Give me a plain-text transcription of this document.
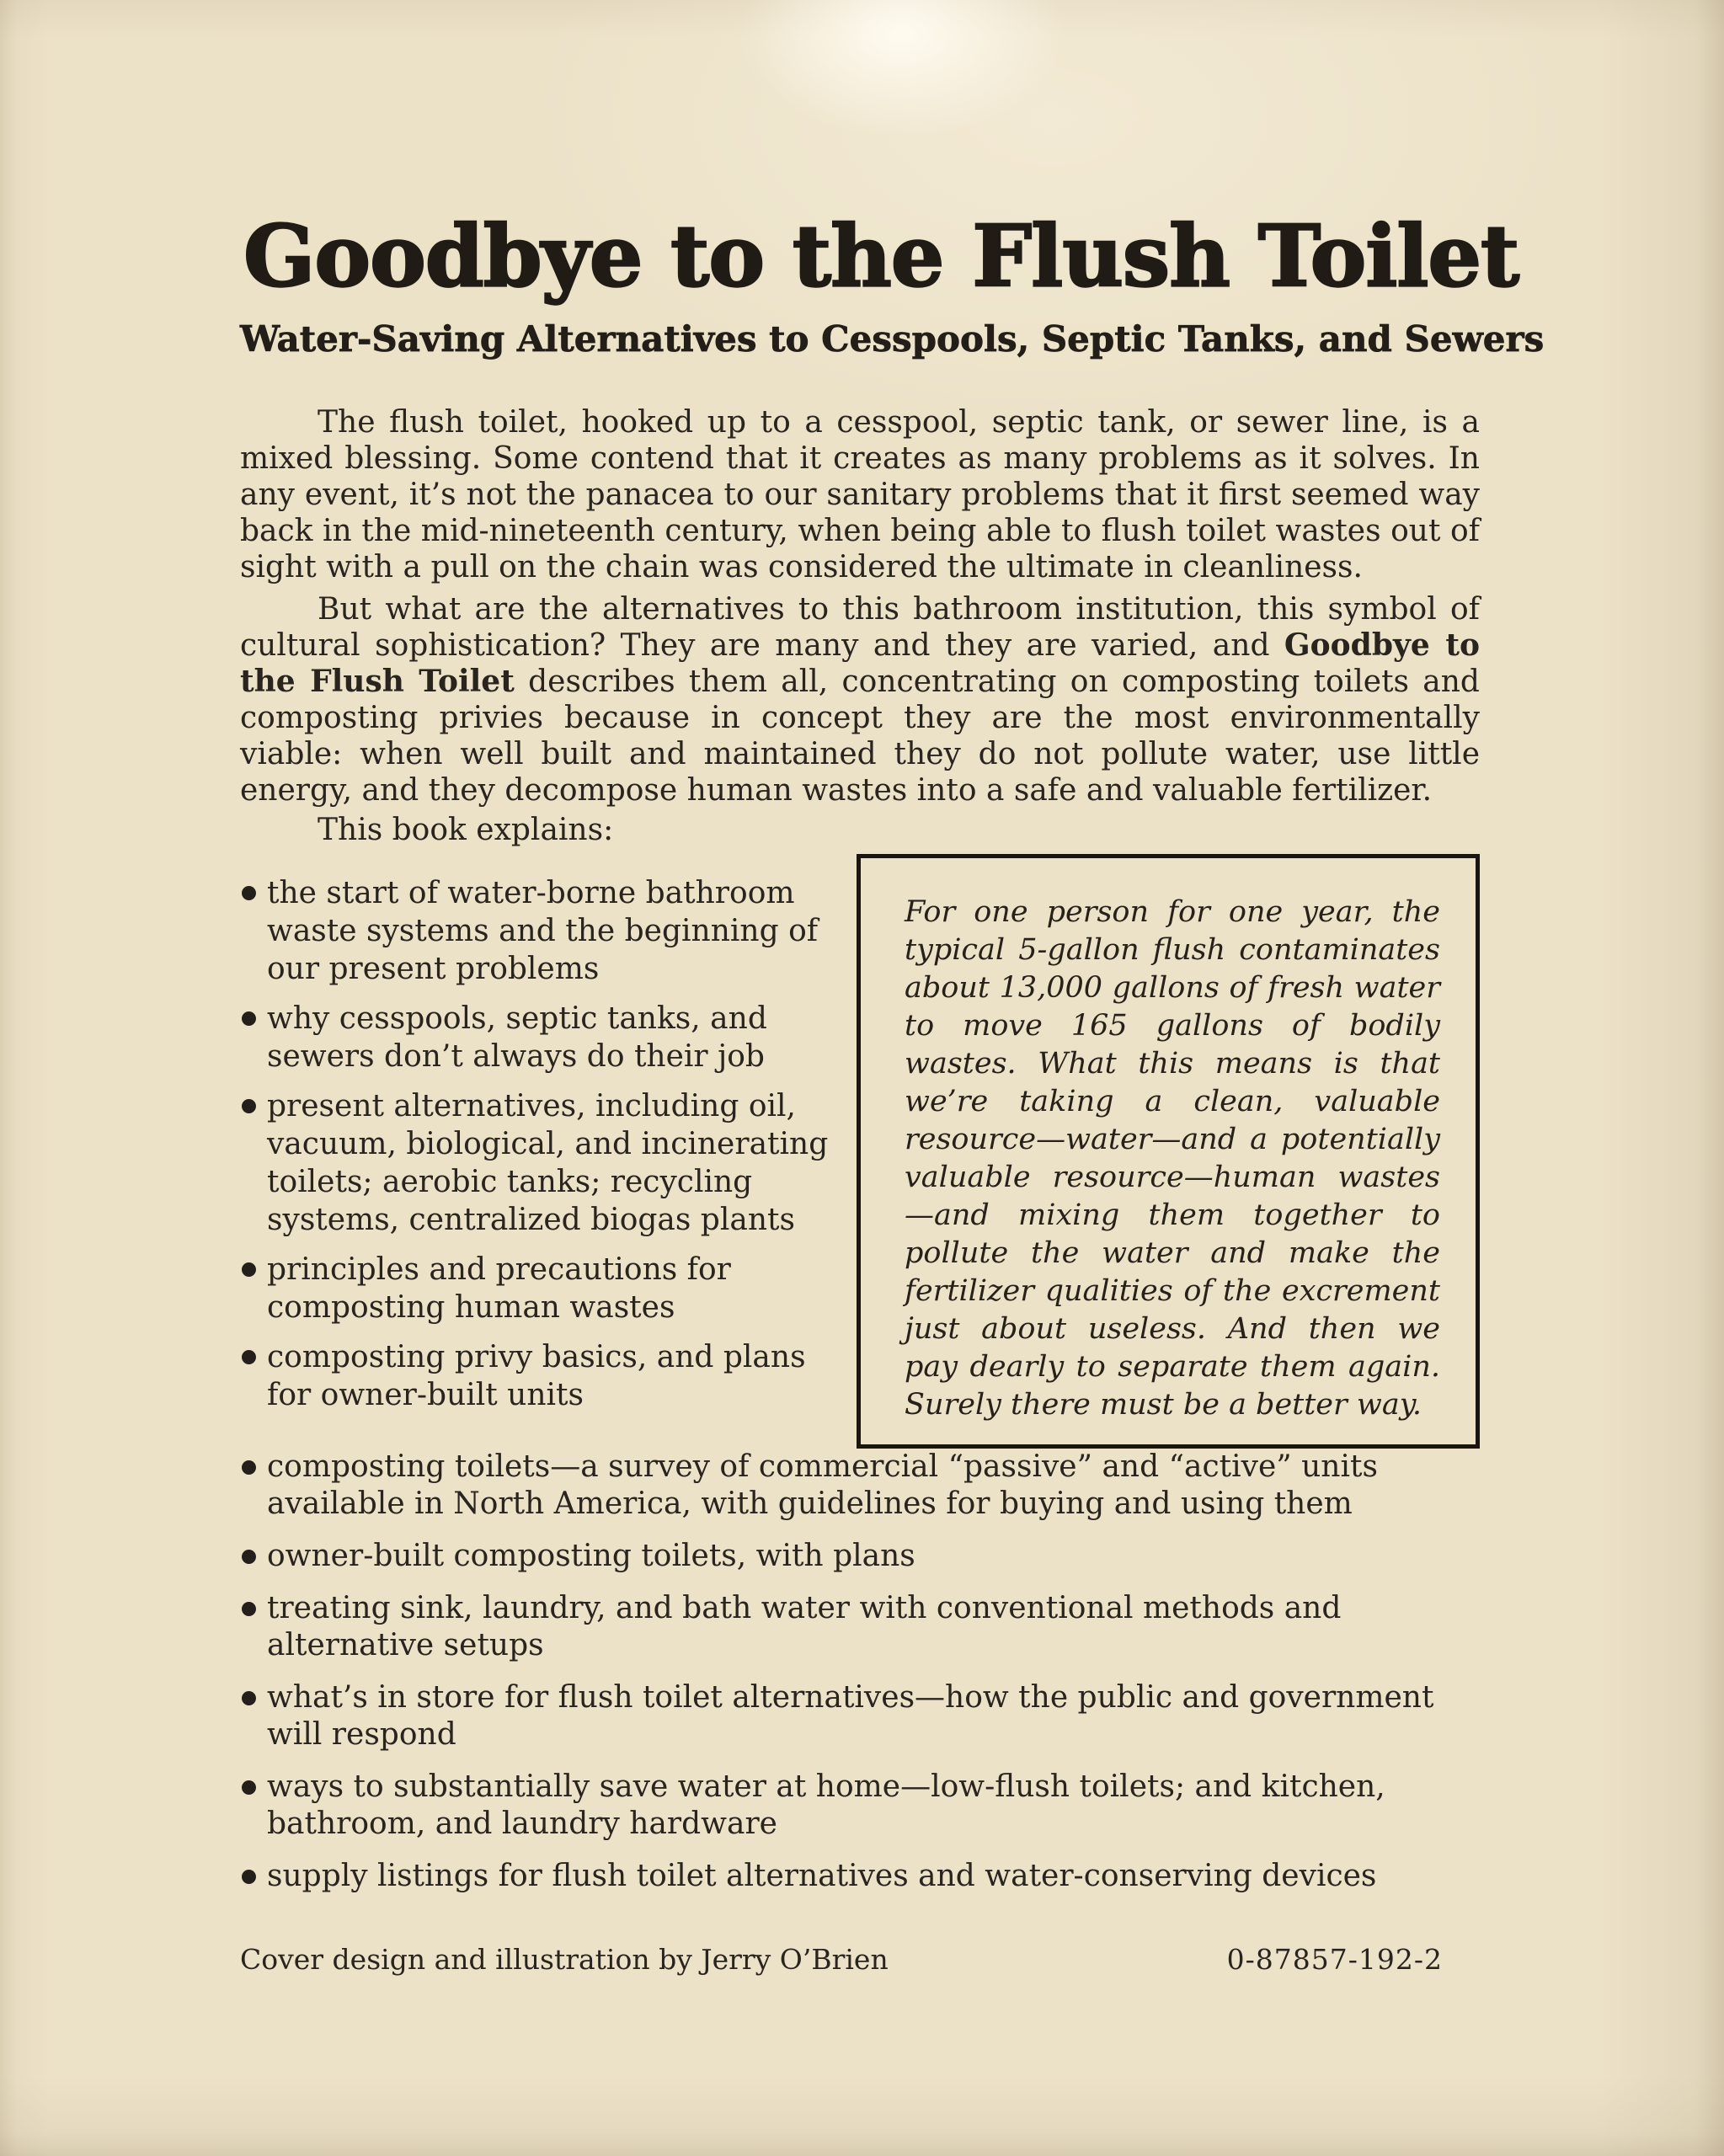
Goodbye to the Flush Toilet
Water-Saving Alternatives to Cesspools, Septic Tanks, and Sewers

The flush toilet, hooked up to a cesspool, septic tank, or sewer line, is a mixed blessing. Some contend that it creates as many problems as it solves. In any event, it’s not the panacea to our sanitary problems that it first seemed way back in the mid-nineteenth century, when being able to flush toilet wastes out of sight with a pull on the chain was considered the ultimate in cleanliness.

But what are the alternatives to this bathroom institution, this symbol of cultural sophistication? They are many and they are varied, and Goodbye to the Flush Toilet describes them all, concentrating on composting toilets and composting privies because in concept they are the most environmentally viable: when well built and maintained they do not pollute water, use little energy, and they decompose human wastes into a safe and valuable fertilizer.

This book explains:

the start of water-borne bathroom waste systems and the beginning of our present problems
why cesspools, septic tanks, and sewers don’t always do their job
present alternatives, including oil, vacuum, biological, and incinerating toilets; aerobic tanks; recycling systems, centralized biogas plants
principles and precautions for composting human wastes
composting privy basics, and plans for owner-built units
For one person for one year, the typical 5-gallon flush contaminates about 13,000 gallons of fresh water to move 165 gallons of bodily wastes. What this means is that we’re taking a clean, valuable resource—water—and a potentially valuable resource—human wastes—and mixing them together to pollute the water and make the fertilizer qualities of the excrement just about useless. And then we pay dearly to separate them again. Surely there must be a better way.
composting toilets—a survey of commercial “passive” and “active” units available in North America, with guidelines for buying and using them
owner-built composting toilets, with plans
treating sink, laundry, and bath water with conventional methods and alternative setups
what’s in store for flush toilet alternatives—how the public and government will respond
ways to substantially save water at home—low-flush toilets; and kitchen, bathroom, and laundry hardware
supply listings for flush toilet alternatives and water-conserving devices
Cover design and illustration by Jerry O’Brien	0-87857-192-2
